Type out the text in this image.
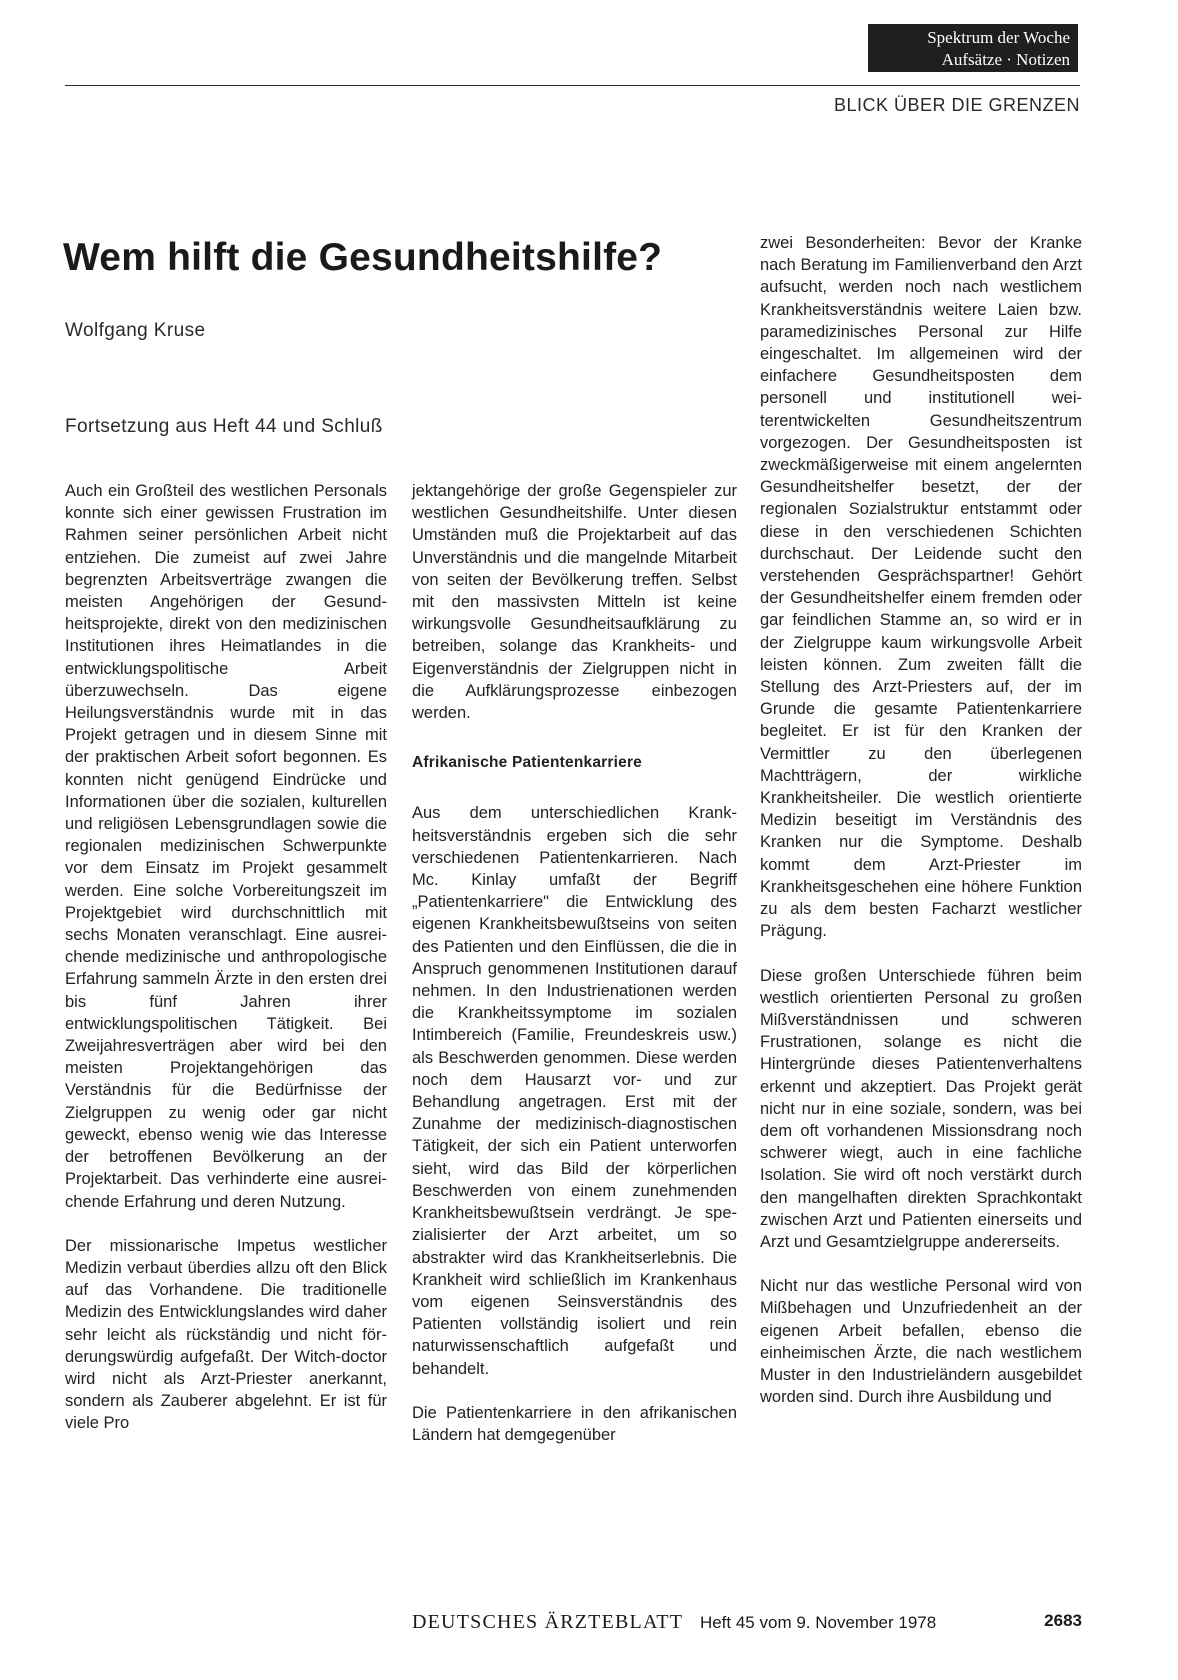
Spektrum der Woche
Aufsätze · Notizen
BLICK ÜBER DIE GRENZEN
Wem hilft die Gesundheitshilfe?
Wolfgang Kruse
Fortsetzung aus Heft 44 und Schluß

Auch ein Großteil des westlichen Personals konnte sich einer gewissen Frustration im Rahmen seiner persönlichen Arbeit nicht entziehen. Die zumeist auf zwei Jahre begrenzten Arbeitsverträge zwangen die meisten Angehörigen der Gesundheitsprojekte, direkt von den medizinischen Institutionen ihres Heimatlandes in die entwicklungspolitische Arbeit überzuwechseln. Das eigene Heilungsverständnis wurde mit in das Projekt getragen und in diesem Sinne mit der praktischen Arbeit sofort begonnen. Es konnten nicht genügend Eindrücke und Informationen über die sozialen, kulturellen und religiösen Lebensgrundlagen sowie die regionalen medizinischen Schwerpunkte vor dem Einsatz im Projekt gesammelt werden. Eine solche Vorbereitungszeit im Projektgebiet wird durchschnittlich mit sechs Monaten veranschlagt. Eine ausreichende medizinische und anthropologische Erfahrung sammeln Ärzte in den ersten drei bis fünf Jahren ihrer entwicklungspolitischen Tätigkeit. Bei Zweijahresverträgen aber wird bei den meisten Projektangehörigen das Verständnis für die Bedürfnisse der Zielgruppen zu wenig oder gar nicht geweckt, ebenso wenig wie das Interesse der betroffenen Bevölkerung an der Projektarbeit. Das verhinderte eine ausreichende Erfahrung und deren Nutzung.

Der missionarische Impetus westlicher Medizin verbaut überdies allzu oft den Blick auf das Vorhandene. Die traditionelle Medizin des Entwicklungslandes wird daher sehr leicht als rückständig und nicht förderungswürdig aufgefaßt. Der Witch-doctor wird nicht als Arzt-Priester anerkannt, sondern als Zauberer abgelehnt. Er ist für viele Pro

jektangehörige der große Gegenspieler zur westlichen Gesundheitshilfe. Unter diesen Umständen muß die Projektarbeit auf das Unverständnis und die mangelnde Mitarbeit von seiten der Bevölkerung treffen. Selbst mit den massivsten Mitteln ist keine wirkungsvolle Gesundheitsaufklärung zu betreiben, solange das Krankheits- und Eigenverständnis der Zielgruppen nicht in die Aufklärungsprozesse einbezogen werden.

Afrikanische Patientenkarriere

Aus dem unterschiedlichen Krankheitsverständnis ergeben sich die sehr verschiedenen Patientenkarrieren. Nach Mc. Kinlay umfaßt der Begriff „Patientenkarriere" die Entwicklung des eigenen Krankheitsbewußtseins von seiten des Patienten und den Einflüssen, die die in Anspruch genommenen Institutionen darauf nehmen. In den Industrienationen werden die Krankheitssymptome im sozialen Intimbereich (Familie, Freundeskreis usw.) als Beschwerden genommen. Diese werden noch dem Hausarzt vor- und zur Behandlung angetragen. Erst mit der Zunahme der medizinisch-diagnostischen Tätigkeit, der sich ein Patient unterworfen sieht, wird das Bild der körperlichen Beschwerden von einem zunehmenden Krankheitsbewußtsein verdrängt. Je spezialisierter der Arzt arbeitet, um so abstrakter wird das Krankheitserlebnis. Die Krankheit wird schließlich im Krankenhaus vom eigenen Seinsverständnis des Patienten vollständig isoliert und rein naturwissenschaftlich aufgefaßt und behandelt.

Die Patientenkarriere in den afrikanischen Ländern hat demgegenüber

zwei Besonderheiten: Bevor der Kranke nach Beratung im Familienverband den Arzt aufsucht, werden noch nach westlichem Krankheitsverständnis weitere Laien bzw. paramedizinisches Personal zur Hilfe eingeschaltet. Im allgemeinen wird der einfachere Gesundheitsposten dem personell und institutionell weiterentwickelten Gesundheitszentrum vorgezogen. Der Gesundheitsposten ist zweckmäßigerweise mit einem angelernten Gesundheitshelfer besetzt, der der regionalen Sozialstruktur entstammt oder diese in den verschiedenen Schichten durchschaut. Der Leidende sucht den verstehenden Gesprächspartner! Gehört der Gesundheitshelfer einem fremden oder gar feindlichen Stamme an, so wird er in der Zielgruppe kaum wirkungsvolle Arbeit leisten können. Zum zweiten fällt die Stellung des Arzt-Priesters auf, der im Grunde die gesamte Patientenkarriere begleitet. Er ist für den Kranken der Vermittler zu den überlegenen Machtträgern, der wirkliche Krankheitsheiler. Die westlich orientierte Medizin beseitigt im Verständnis des Kranken nur die Symptome. Deshalb kommt dem Arzt-Priester im Krankheitsgeschehen eine höhere Funktion zu als dem besten Facharzt westlicher Prägung.

Diese großen Unterschiede führen beim westlich orientierten Personal zu großen Mißverständnissen und schweren Frustrationen, solange es nicht die Hintergründe dieses Patientenverhaltens erkennt und akzeptiert. Das Projekt gerät nicht nur in eine soziale, sondern, was bei dem oft vorhandenen Missionsdrang noch schwerer wiegt, auch in eine fachliche Isolation. Sie wird oft noch verstärkt durch den mangelhaften direkten Sprachkontakt zwischen Arzt und Patienten einerseits und Arzt und Gesamtzielgruppe andererseits.

Nicht nur das westliche Personal wird von Mißbehagen und Unzufriedenheit an der eigenen Arbeit befallen, ebenso die einheimischen Ärzte, die nach westlichem Muster in den Industrieländern ausgebildet worden sind. Durch ihre Ausbildung und

DEUTSCHES ÄRZTEBLATT Heft 45 vom 9. November 1978	2683
